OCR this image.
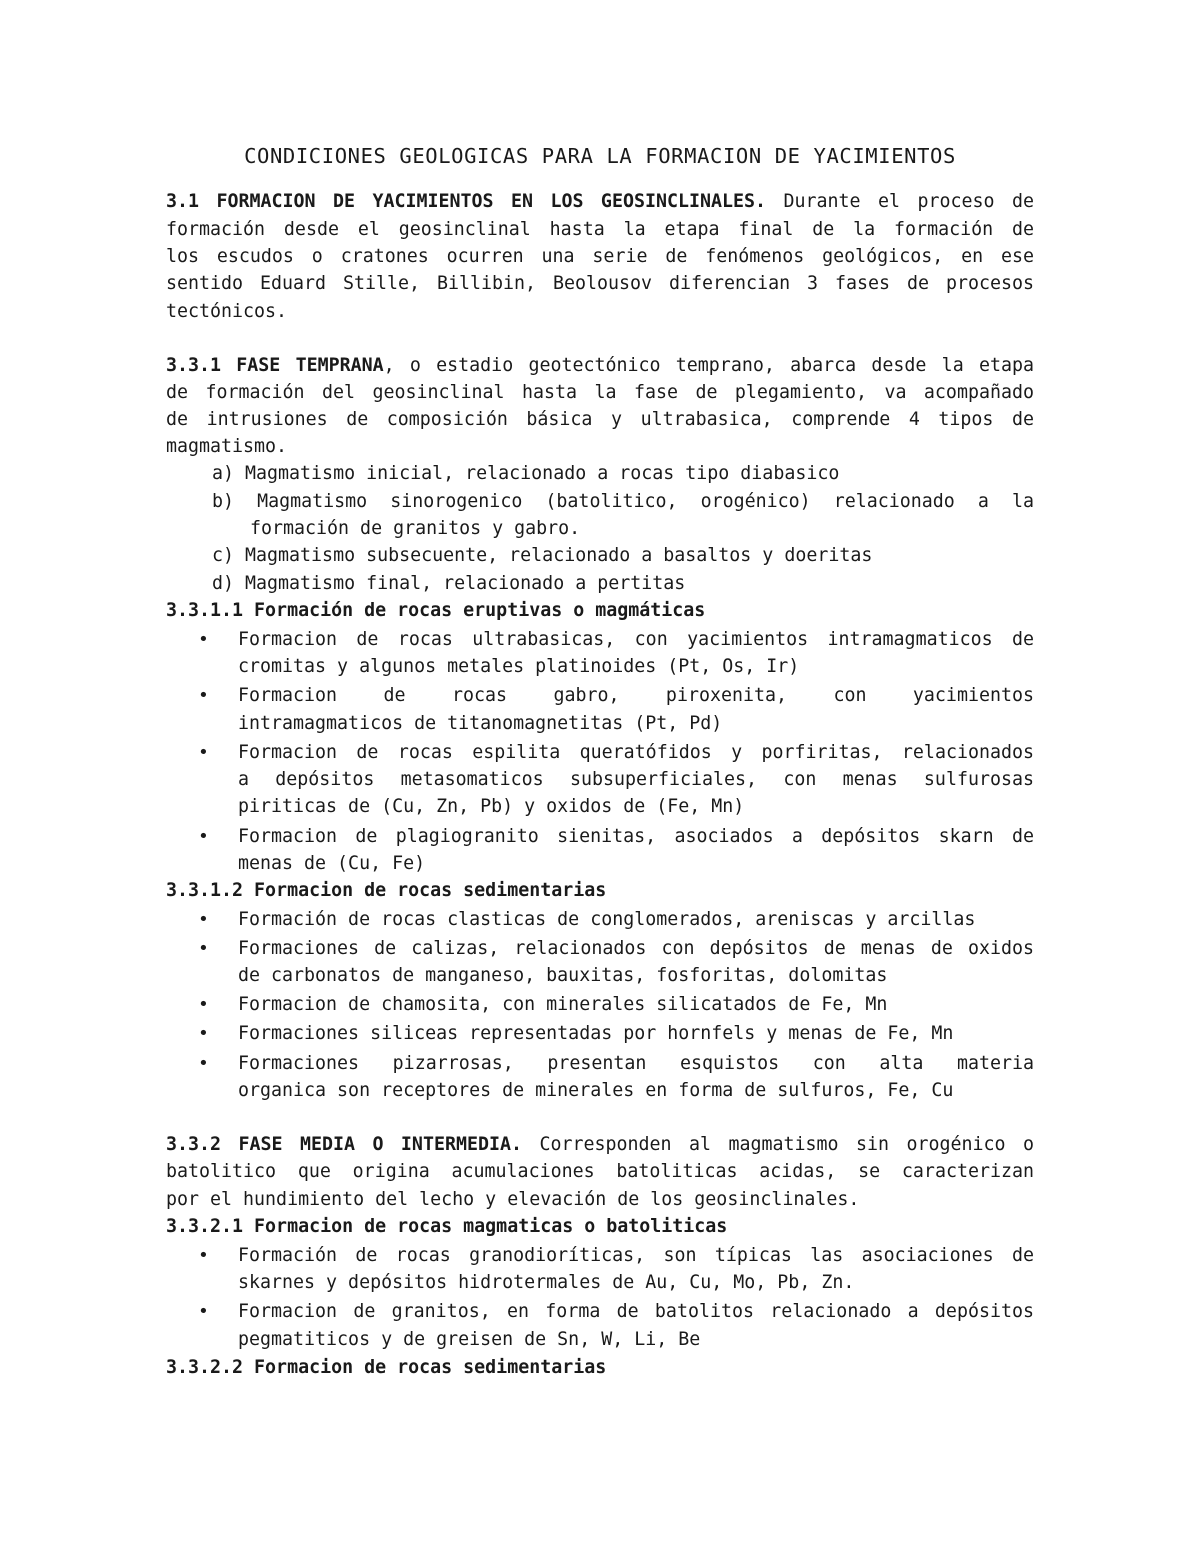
CONDICIONES GEOLOGICAS PARA LA FORMACION DE YACIMIENTOS
3.1 FORMACION DE YACIMIENTOS EN LOS GEOSINCLINALES. Durante el proceso de
formación desde el geosinclinal hasta la etapa final de la formación de
los escudos o cratones ocurren una serie de fenómenos geológicos, en ese
sentido Eduard Stille, Billibin, Beolousov diferencian 3 fases de procesos
tectónicos.
3.3.1 FASE TEMPRANA, o estadio geotectónico temprano, abarca desde la etapa
de formación del geosinclinal hasta la fase de plegamiento, va acompañado
de intrusiones de composición básica y ultrabasica, comprende 4 tipos de
magmatismo.
a) Magmatismo inicial, relacionado a rocas tipo diabasico
b) Magmatismo sinorogenico (batolitico, orogénico) relacionado a la
formación de granitos y gabro.
c) Magmatismo subsecuente, relacionado a basaltos y doeritas
d) Magmatismo final, relacionado a pertitas
3.3.1.1 Formación de rocas eruptivas o magmáticas
• Formacion de rocas ultrabasicas, con yacimientos intramagmaticos de
cromitas y algunos metales platinoides (Pt, Os, Ir)
• Formacion de rocas gabro, piroxenita, con yacimientos
intramagmaticos de titanomagnetitas (Pt, Pd)
• Formacion de rocas espilita queratófidos y porfiritas, relacionados
a depósitos metasomaticos subsuperficiales, con menas sulfurosas
piriticas de (Cu, Zn, Pb) y oxidos de (Fe, Mn)
• Formacion de plagiogranito sienitas, asociados a depósitos skarn de
menas de (Cu, Fe)
3.3.1.2 Formacion de rocas sedimentarias
• Formación de rocas clasticas de conglomerados, areniscas y arcillas
• Formaciones de calizas, relacionados con depósitos de menas de oxidos
de carbonatos de manganeso, bauxitas, fosforitas, dolomitas
• Formacion de chamosita, con minerales silicatados de Fe, Mn
• Formaciones siliceas representadas por hornfels y menas de Fe, Mn
• Formaciones pizarrosas, presentan esquistos con alta materia
organica son receptores de minerales en forma de sulfuros, Fe, Cu
3.3.2 FASE MEDIA O INTERMEDIA. Corresponden al magmatismo sin orogénico o
batolitico que origina acumulaciones batoliticas acidas, se caracterizan
por el hundimiento del lecho y elevación de los geosinclinales.
3.3.2.1 Formacion de rocas magmaticas o batoliticas
• Formación de rocas granodioríticas, son típicas las asociaciones de
skarnes y depósitos hidrotermales de Au, Cu, Mo, Pb, Zn.
• Formacion de granitos, en forma de batolitos relacionado a depósitos
pegmatiticos y de greisen de Sn, W, Li, Be
3.3.2.2 Formacion de rocas sedimentarias
